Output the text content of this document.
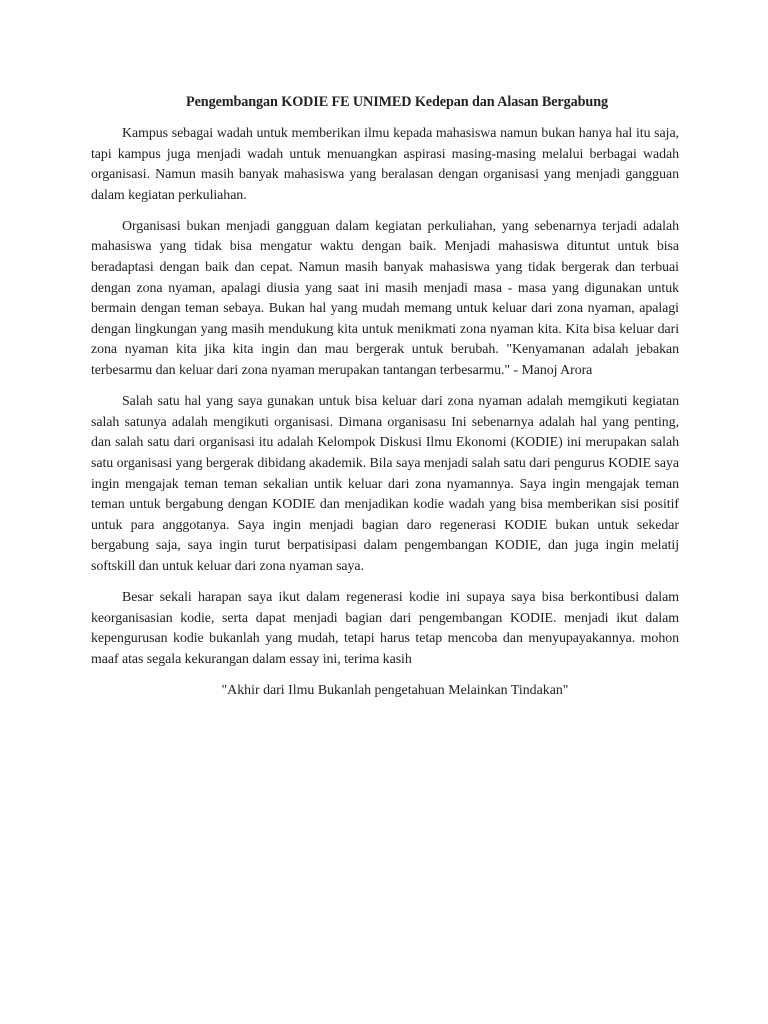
Pengembangan KODIE FE UNIMED Kedepan dan Alasan Bergabung

Kampus sebagai wadah untuk memberikan ilmu kepada mahasiswa namun bukan hanya hal itu saja, tapi kampus juga menjadi wadah untuk menuangkan aspirasi masing-masing melalui berbagai wadah organisasi. Namun masih banyak mahasiswa yang beralasan dengan organisasi yang menjadi gangguan dalam kegiatan perkuliahan.

Organisasi bukan menjadi gangguan dalam kegiatan perkuliahan, yang sebenarnya terjadi adalah mahasiswa yang tidak bisa mengatur waktu dengan baik. Menjadi mahasiswa dituntut untuk bisa beradaptasi dengan baik dan cepat. Namun masih banyak mahasiswa yang tidak bergerak dan terbuai dengan zona nyaman, apalagi diusia yang saat ini masih menjadi masa - masa yang digunakan untuk bermain dengan teman sebaya. Bukan hal yang mudah memang untuk keluar dari zona nyaman, apalagi dengan lingkungan yang masih mendukung kita untuk menikmati zona nyaman kita. Kita bisa keluar dari zona nyaman kita jika kita ingin dan mau bergerak untuk berubah. "Kenyamanan adalah jebakan terbesarmu dan keluar dari zona nyaman merupakan tantangan terbesarmu." - Manoj Arora

Salah satu hal yang saya gunakan untuk bisa keluar dari zona nyaman adalah memgikuti kegiatan salah satunya adalah mengikuti organisasi. Dimana organisasu Ini sebenarnya adalah hal yang penting, dan salah satu dari organisasi itu adalah Kelompok Diskusi Ilmu Ekonomi (KODIE) ini merupakan salah satu organisasi yang bergerak dibidang akademik. Bila saya menjadi salah satu dari pengurus KODIE saya ingin mengajak teman teman sekalian untik keluar dari zona nyamannya. Saya ingin mengajak teman teman untuk bergabung dengan KODIE dan menjadikan kodie wadah yang bisa memberikan sisi positif untuk para anggotanya. Saya ingin menjadi bagian daro regenerasi KODIE bukan untuk sekedar bergabung saja, saya ingin turut berpatisipasi dalam pengembangan KODIE, dan juga ingin melatij softskill dan untuk keluar dari zona nyaman saya.

Besar sekali harapan saya ikut dalam regenerasi kodie ini supaya saya bisa berkontibusi dalam keorganisasian kodie, serta dapat menjadi bagian dari pengembangan KODIE. menjadi ikut dalam kepengurusan kodie bukanlah yang mudah, tetapi harus tetap mencoba dan menyupayakannya. mohon maaf atas segala kekurangan dalam essay ini, terima kasih

"Akhir dari Ilmu Bukanlah pengetahuan Melainkan Tindakan"
